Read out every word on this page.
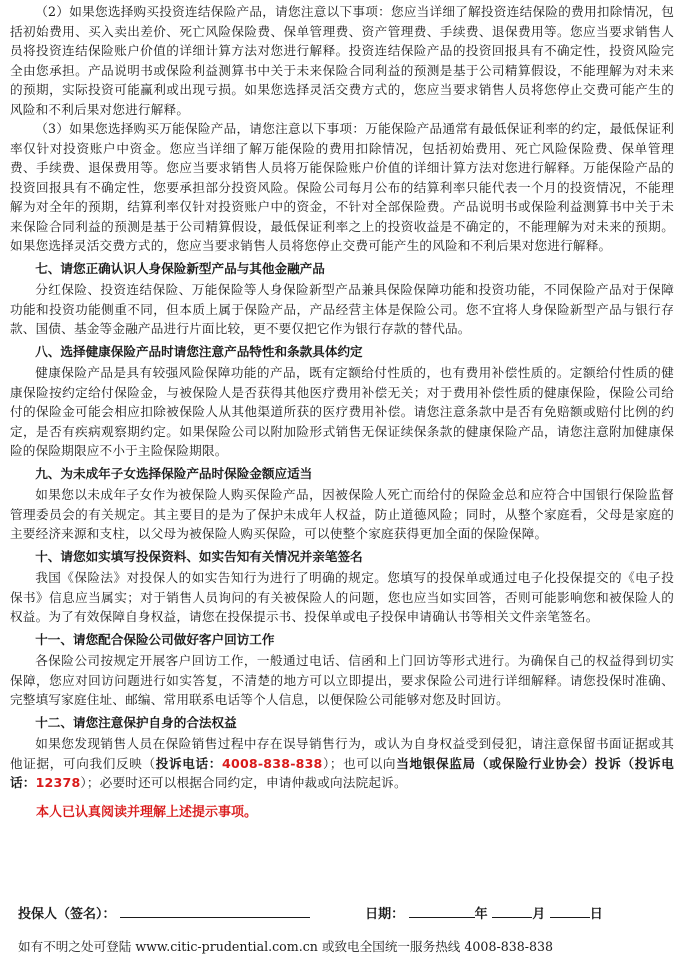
（2）如果您选择购买投资连结保险产品，请您注意以下事项：您应当详细了解投资连结保险的费用扣除情况，包括初始费用、买入卖出差价、死亡风险保险费、保单管理费、资产管理费、手续费、退保费用等。您应当要求销售人员将投资连结保险账户价值的详细计算方法对您进行解释。投资连结保险产品的投资回报具有不确定性，投资风险完全由您承担。产品说明书或保险利益测算书中关于未来保险合同利益的预测是基于公司精算假设，不能理解为对未来的预期，实际投资可能赢利或出现亏损。如果您选择灵活交费方式的，您应当要求销售人员将您停止交费可能产生的风险和不利后果对您进行解释。

（3）如果您选择购买万能保险产品，请您注意以下事项：万能保险产品通常有最低保证利率的约定，最低保证利率仅针对投资账户中资金。您应当详细了解万能保险的费用扣除情况，包括初始费用、死亡风险保险费、保单管理费、手续费、退保费用等。您应当要求销售人员将万能保险账户价值的详细计算方法对您进行解释。万能保险产品的投资回报具有不确定性，您要承担部分投资风险。保险公司每月公布的结算利率只能代表一个月的投资情况，不能理解为对全年的预期，结算利率仅针对投资账户中的资金，不针对全部保险费。产品说明书或保险利益测算书中关于未来保险合同利益的预测是基于公司精算假设，最低保证利率之上的投资收益是不确定的，不能理解为对未来的预期。如果您选择灵活交费方式的，您应当要求销售人员将您停止交费可能产生的风险和不利后果对您进行解释。

七、请您正确认识人身保险新型产品与其他金融产品

分红保险、投资连结保险、万能保险等人身保险新型产品兼具保险保障功能和投资功能，不同保险产品对于保障功能和投资功能侧重不同，但本质上属于保险产品，产品经营主体是保险公司。您不宜将人身保险新型产品与银行存款、国债、基金等金融产品进行片面比较，更不要仅把它作为银行存款的替代品。

八、选择健康保险产品时请您注意产品特性和条款具体约定

健康保险产品是具有较强风险保障功能的产品，既有定额给付性质的，也有费用补偿性质的。定额给付性质的健康保险按约定给付保险金，与被保险人是否获得其他医疗费用补偿无关；对于费用补偿性质的健康保险，保险公司给付的保险金可能会相应扣除被保险人从其他渠道所获的医疗费用补偿。请您注意条款中是否有免赔额或赔付比例的约定，是否有疾病观察期约定。如果保险公司以附加险形式销售无保证续保条款的健康保险产品，请您注意附加健康保险的保险期限应不小于主险保险期限。

九、为未成年子女选择保险产品时保险金额应适当

如果您以未成年子女作为被保险人购买保险产品，因被保险人死亡而给付的保险金总和应符合中国银行保险监督管理委员会的有关规定。其主要目的是为了保护未成年人权益，防止道德风险；同时，从整个家庭看，父母是家庭的主要经济来源和支柱，以父母为被保险人购买保险，可以使整个家庭获得更加全面的保险保障。

十、请您如实填写投保资料、如实告知有关情况并亲笔签名

我国《保险法》对投保人的如实告知行为进行了明确的规定。您填写的投保单或通过电子化投保提交的《电子投保书》信息应当属实；对于销售人员询问的有关被保险人的问题，您也应当如实回答，否则可能影响您和被保险人的权益。为了有效保障自身权益，请您在投保提示书、投保单或电子投保申请确认书等相关文件亲笔签名。

十一、请您配合保险公司做好客户回访工作

各保险公司按规定开展客户回访工作，一般通过电话、信函和上门回访等形式进行。为确保自己的权益得到切实保障，您应对回访问题进行如实答复，不清楚的地方可以立即提出，要求保险公司进行详细解释。请您投保时准确、完整填写家庭住址、邮编、常用联系电话等个人信息，以便保险公司能够对您及时回访。

十二、请您注意保护自身的合法权益

如果您发现销售人员在保险销售过程中存在误导销售行为，或认为自身权益受到侵犯，请注意保留书面证据或其他证据，可向我们反映（投诉电话：4008-838-838）；也可以向当地银保监局（或保险行业协会）投诉（投诉电话：12378）；必要时还可以根据合同约定，申请仲裁或向法院起诉。

本人已认真阅读并理解上述提示事项。

投保人（签名）：	日期：	年	月	日
如有不明之处可登陆 www.citic-prudential.com.cn 或致电全国统一服务热线 4008-838-838
